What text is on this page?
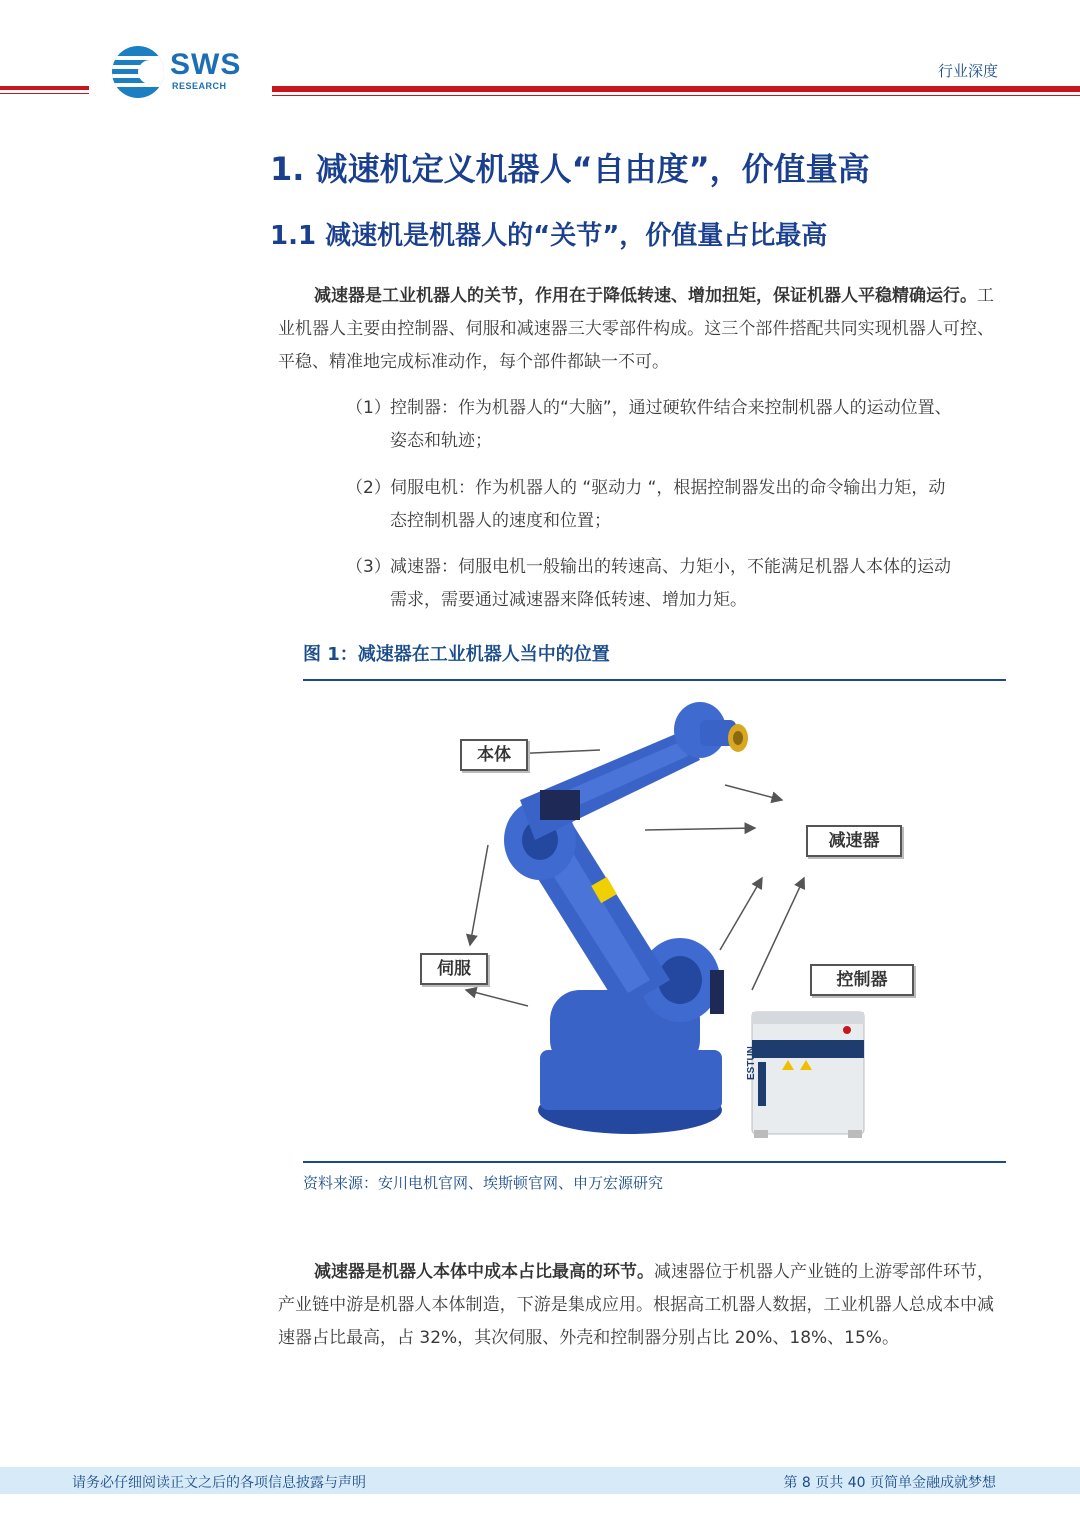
SWS
RESEARCH
行业深度
1. 减速机定义机器人“自由度”，价值量高
1.1 减速机是机器人的“关节”，价值量占比最高
减速器是工业机器人的关节，作用在于降低转速、增加扭矩，保证机器人平稳精确运行。工业机器人主要由控制器、伺服和减速器三大零部件构成。这三个部件搭配共同实现机器人可控、平稳、精准地完成标准动作，每个部件都缺一不可。
（1）控制器：作为机器人的“大脑”，通过硬软件结合来控制机器人的运动位置、
姿态和轨迹；
（2）伺服电机：作为机器人的 “驱动力 “，根据控制器发出的命令输出力矩，动
态控制机器人的速度和位置；
（3）减速器：伺服电机一般输出的转速高、力矩小，不能满足机器人本体的运动
需求，需要通过减速器来降低转速、增加力矩。
图 1：减速器在工业机器人当中的位置
本体
减速器
伺服
控制器
ESTUN
资料来源：安川电机官网、埃斯顿官网、申万宏源研究
减速器是机器人本体中成本占比最高的环节。减速器位于机器人产业链的上游零部件环节，产业链中游是机器人本体制造，下游是集成应用。根据高工机器人数据，工业机器人总成本中减速器占比最高，占 32%，其次伺服、外壳和控制器分别占比 20%、18%、15%。
请务必仔细阅读正文之后的各项信息披露与声明	第 8 页共 40 页简单金融成就梦想
